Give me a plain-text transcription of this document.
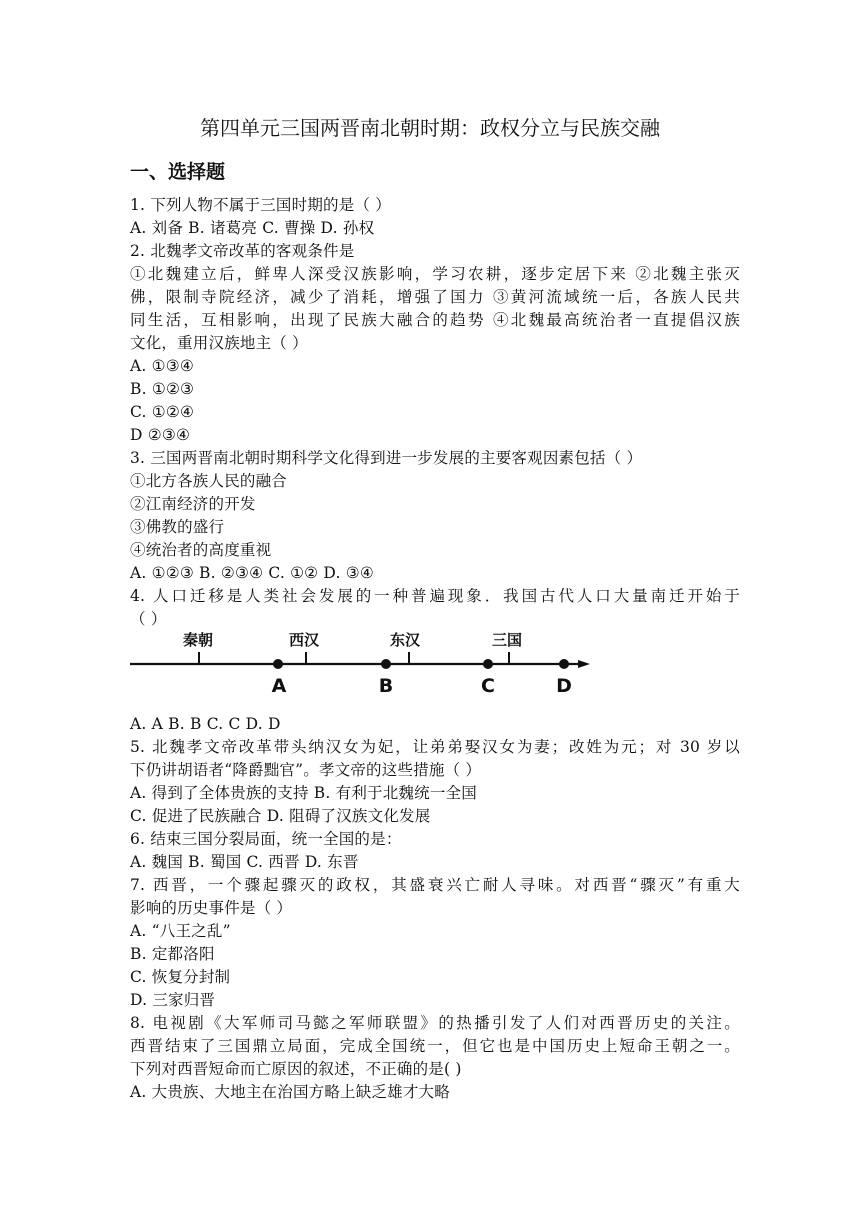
第四单元三国两晋南北朝时期：政权分立与民族交融
一、选择题
1. 下列人物不属于三国时期的是（ ）
A. 刘备 B. 诸葛亮 C. 曹操 D. 孙权
2. 北魏孝文帝改革的客观条件是
①北魏建立后，鲜卑人深受汉族影响，学习农耕，逐步定居下来 ②北魏主张灭
佛，限制寺院经济，减少了消耗，增强了国力 ③黄河流域统一后，各族人民共
同生活，互相影响，出现了民族大融合的趋势 ④北魏最高统治者一直提倡汉族
文化，重用汉族地主（ ）
A. ①③④
B. ①②③
C. ①②④
D ②③④
3. 三国两晋南北朝时期科学文化得到进一步发展的主要客观因素包括（ ）
①北方各族人民的融合
②江南经济的开发
③佛教的盛行
④统治者的高度重视
A. ①②③ B. ②③④ C. ①② D. ③④
4. 人口迁移是人类社会发展的一种普遍现象．我国古代人口大量南迁开始于
（ ）
秦朝	西汉	东汉	三国
A	B	C	D
A. A B. B C. C D. D
5. 北魏孝文帝改革带头纳汉女为妃，让弟弟娶汉女为妻；改姓为元；对 30 岁以
下仍讲胡语者“降爵黜官”。孝文帝的这些措施（ ）
A. 得到了全体贵族的支持 B. 有利于北魏统一全国
C. 促进了民族融合 D. 阻碍了汉族文化发展
6. 结束三国分裂局面，统一全国的是：
A. 魏国 B. 蜀国 C. 西晋 D. 东晋
7. 西晋，一个骤起骤灭的政权，其盛衰兴亡耐人寻味。对西晋“骤灭”有重大
影响的历史事件是（ ）
A. “八王之乱”
B. 定都洛阳
C. 恢复分封制
D. 三家归晋
8. 电视剧《大军师司马懿之军师联盟》的热播引发了人们对西晋历史的关注。
西晋结束了三国鼎立局面，完成全国统一，但它也是中国历史上短命王朝之一。
下列对西晋短命而亡原因的叙述，不正确的是( )
A. 大贵族、大地主在治国方略上缺乏雄才大略
